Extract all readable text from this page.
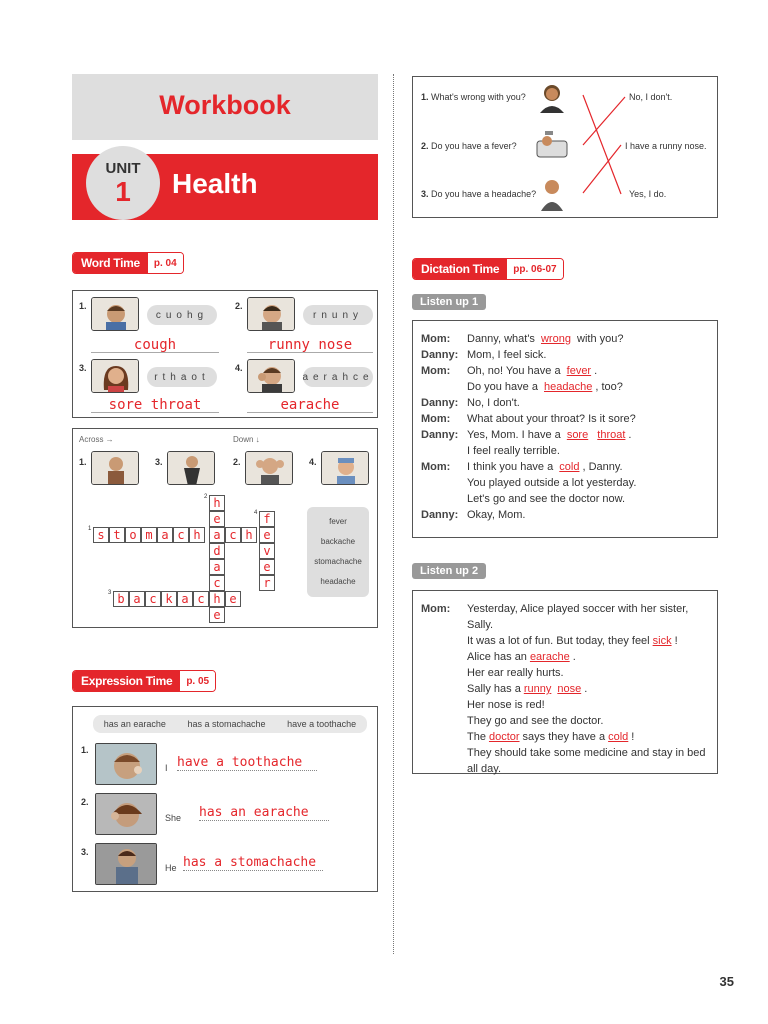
Workbook
UNIT
1	Health
Word Time	p. 04
1.
cuohg
cough
2.
rnuny
runny nose
3.
rthaot
sore throat
4.
aerahce
earache
Across →	Down ↓
1.	3.	2.	4.
h
e
d
a
c
e
s t o m a c h	a c h e
f
v
e
r
b a c k a c h e
1
3
2
4
fever
backache
stomachache
headache
Expression Time	p. 05
has an earache has a stomachache have a toothache
1.
I have a toothache
2.
She has an earache
3.
He has a stomachache
1. What's wrong with you?
2. Do you have a fever?
3. Do you have a headache?
No, I don't.
I have a runny nose.
Yes, I do.
Dictation Time	pp. 06-07
Listen up 1
Mom:	Danny, what's wrong with you?
Danny: Mom, I feel sick.
Mom:	Oh, no! You have a fever .
Do you have a headache , too?
Danny: No, I don't.
Mom:	What about your throat? Is it sore?
Danny: Yes, Mom. I have a sore throat .
I feel really terrible.
Mom:	I think you have a cold , Danny.
You played outside a lot yesterday.
Let's go and see the doctor now.
Danny: Okay, Mom.
Listen up 2
Mom:	Yesterday, Alice played soccer with her sister, Sally.
It was a lot of fun. But today, they feel sick !
Alice has an earache .
Her ear really hurts.
Sally has a runny nose .
Her nose is red!
They go and see the doctor.
The doctor says they have a cold !
They should take some medicine and stay in bed
all day.
35
